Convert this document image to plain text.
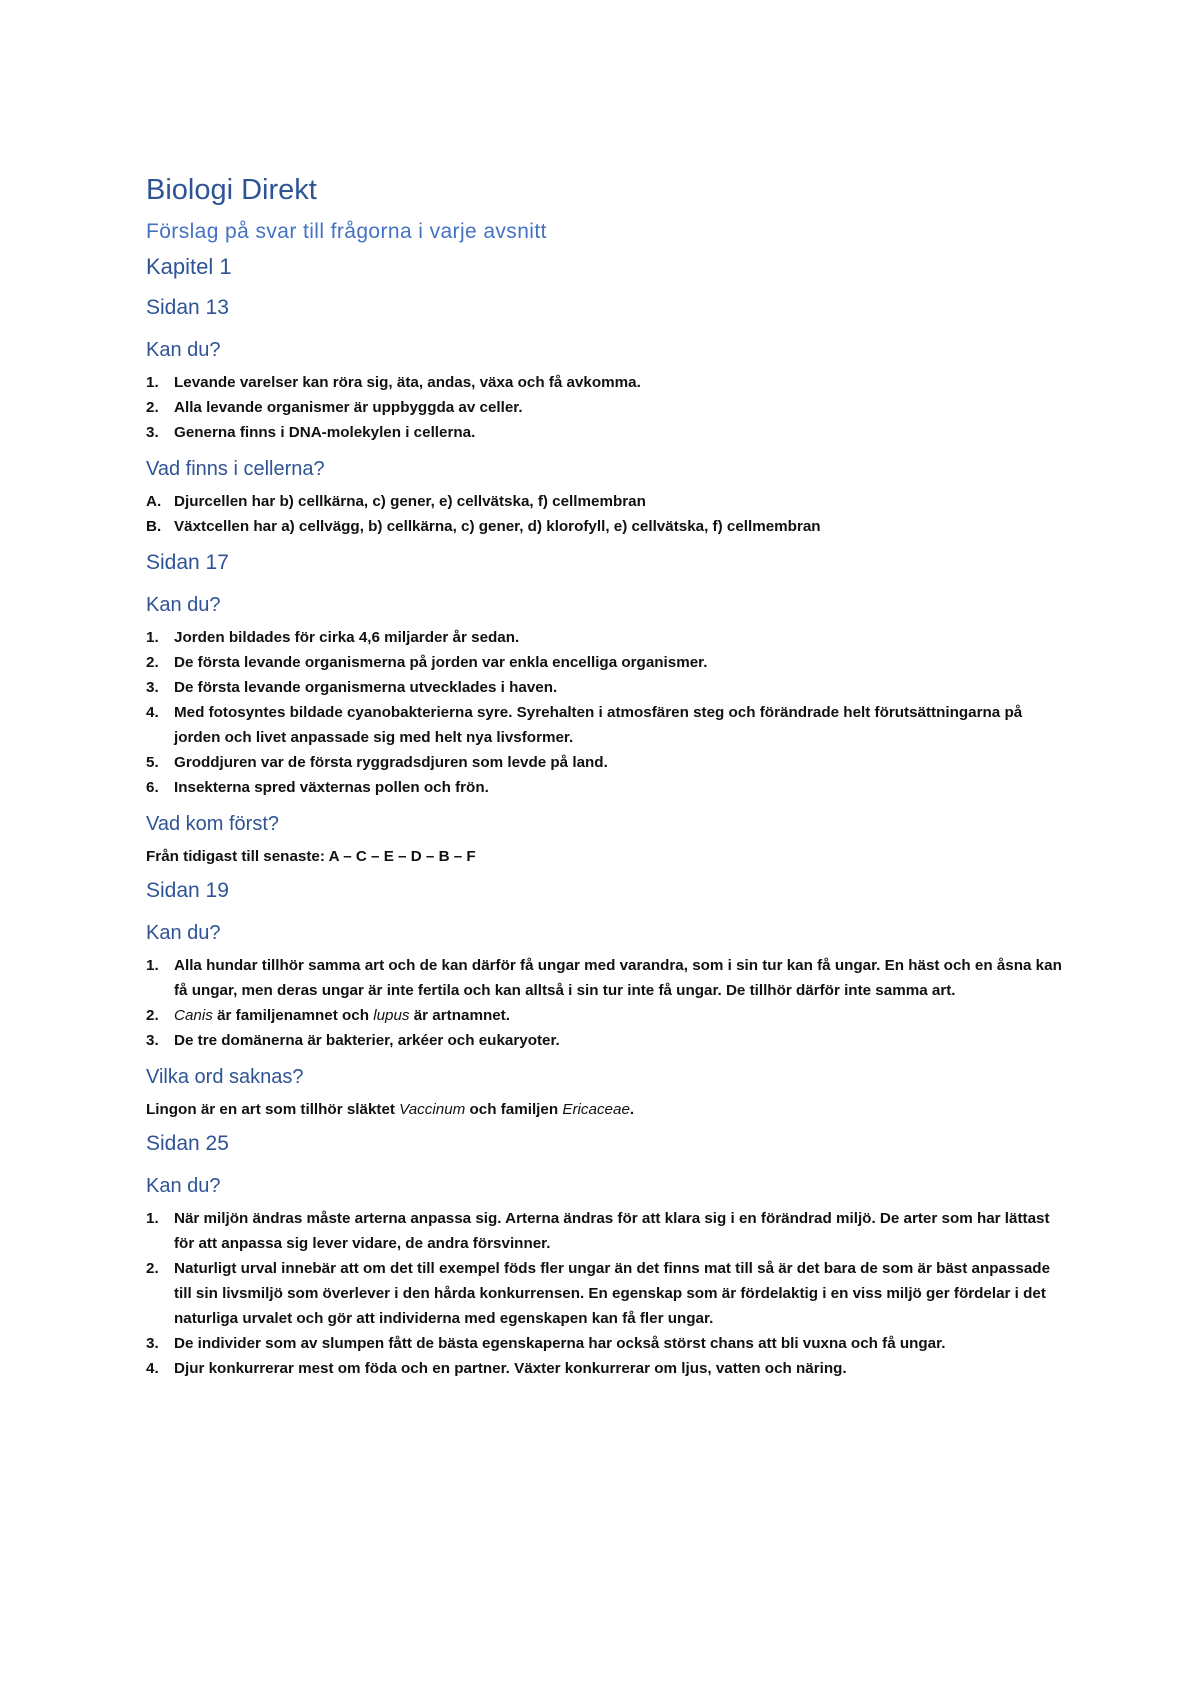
Biologi Direkt
Förslag på svar till frågorna i varje avsnitt
Kapitel 1
Sidan 13
Kan du?
1.	Levande varelser kan röra sig, äta, andas, växa och få avkomma.
2.	Alla levande organismer är uppbyggda av celler.
3.	Generna finns i DNA-molekylen i cellerna.
Vad finns i cellerna?
A. Djurcellen har b) cellkärna, c) gener, e) cellvätska, f) cellmembran
B. Växtcellen har a) cellvägg, b) cellkärna, c) gener, d) klorofyll, e) cellvätska, f) cellmembran
Sidan 17
Kan du?
1.	Jorden bildades för cirka 4,6 miljarder år sedan.
2.	De första levande organismerna på jorden var enkla encelliga organismer.
3.	De första levande organismerna utvecklades i haven.
4.	Med fotosyntes bildade cyanobakterierna syre. Syrehalten i atmosfären steg och förändrade helt förutsättningarna på jorden och livet anpassade sig med helt nya livsformer.
5.	Groddjuren var de första ryggradsdjuren som levde på land.
6.	Insekterna spred växternas pollen och frön.
Vad kom först?

Från tidigast till senaste: A – C – E – D – B – F

Sidan 19
Kan du?
1.	Alla hundar tillhör samma art och de kan därför få ungar med varandra, som i sin tur kan få ungar. En häst och en åsna kan få ungar, men deras ungar är inte fertila och kan alltså i sin tur inte få ungar. De tillhör därför inte samma art.
2.	Canis är familjenamnet och lupus är artnamnet.
3.	De tre domänerna är bakterier, arkéer och eukaryoter.
Vilka ord saknas?

Lingon är en art som tillhör släktet Vaccinum och familjen Ericaceae.

Sidan 25
Kan du?
1.	När miljön ändras måste arterna anpassa sig. Arterna ändras för att klara sig i en förändrad miljö. De arter som har lättast för att anpassa sig lever vidare, de andra försvinner.
2.	Naturligt urval innebär att om det till exempel föds fler ungar än det finns mat till så är det bara de som är bäst anpassade till sin livsmiljö som överlever i den hårda konkurrensen. En egenskap som är fördelaktig i en viss miljö ger fördelar i det naturliga urvalet och gör att individerna med egenskapen kan få fler ungar.
3.	De individer som av slumpen fått de bästa egenskaperna har också störst chans att bli vuxna och få ungar.
4.	Djur konkurrerar mest om föda och en partner. Växter konkurrerar om ljus, vatten och näring.
